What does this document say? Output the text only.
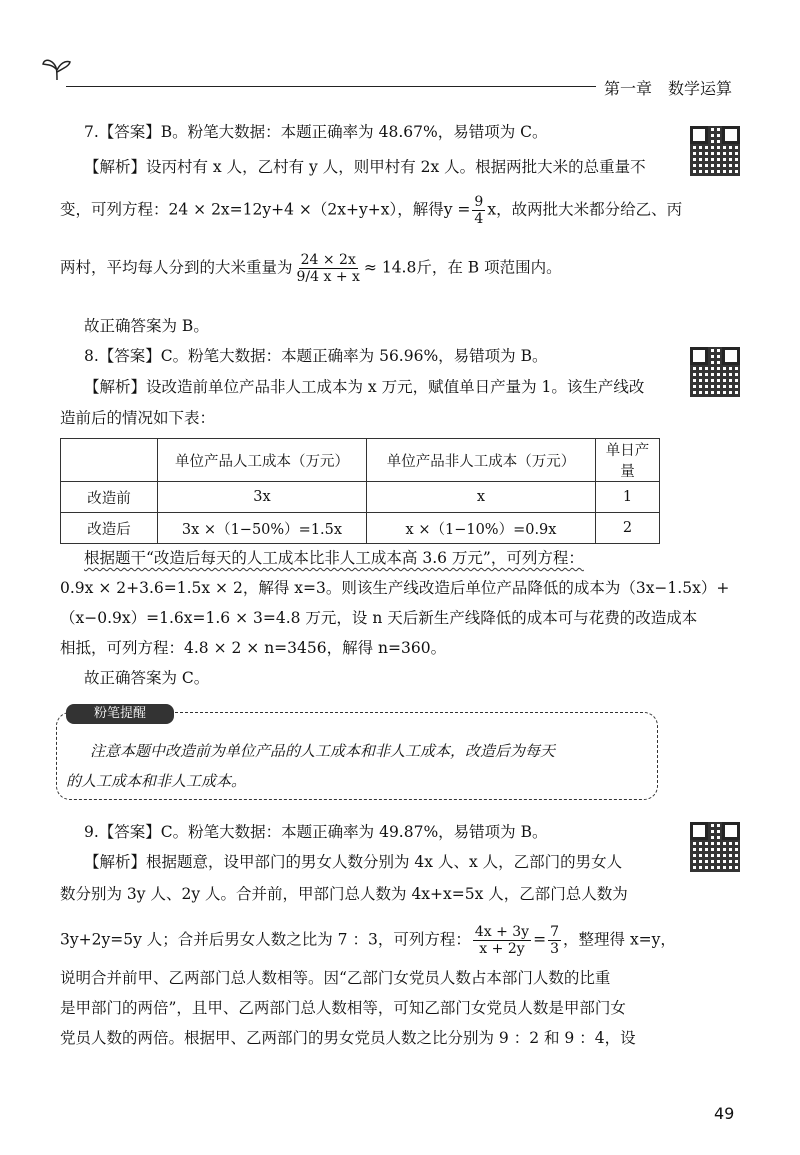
第一章　数学运算
7.【答案】B。粉笔大数据：本题正确率为 48.67%，易错项为 C。
【解析】设丙村有 x 人，乙村有 y 人，则甲村有 2x 人。根据两批大米的总重量不
变，可列方程：24 × 2x=12y+4 ×（2x+y+x），解得$y = \frac{9}{4}$ x，故两批大米都分给乙、丙
两村，平均每人分到的大米重量为 $\frac{24 \times 2x}{9/4 x + x} \approx 14.8$斤，在 B 项范围内。
故正确答案为 B。
8.【答案】C。粉笔大数据：本题正确率为 56.96%，易错项为 B。
【解析】设改造前单位产品非人工成本为 x 万元，赋值单日产量为 1。该生产线改
造前后的情况如下表：
	单位产品人工成本（万元）	单位产品非人工成本（万元）	单日产量
改造前	3x	x	1
改造后	3x ×（1−50%）=1.5x	x ×（1−10%）=0.9x	2
根据题干“改造后每天的人工成本比非人工成本高 3.6 万元”，可列方程：
0.9x × 2+3.6=1.5x × 2，解得 x=3。则该生产线改造后单位产品降低的成本为（3x−1.5x）+
（x−0.9x）=1.6x=1.6 × 3=4.8 万元，设 n 天后新生产线降低的成本可与花费的改造成本
相抵，可列方程：4.8 × 2 × n=3456，解得 n=360。
故正确答案为 C。
粉笔提醒
注意本题中改造前为单位产品的人工成本和非人工成本，改造后为每天
的人工成本和非人工成本。
9.【答案】C。粉笔大数据：本题正确率为 49.87%，易错项为 B。
【解析】根据题意，设甲部门的男女人数分别为 4x 人、x 人，乙部门的男女人
数分别为 3y 人、2y 人。合并前，甲部门总人数为 4x+x=5x 人，乙部门总人数为
3y+2y=5y 人；合并后男女人数之比为 7 ：3，可列方程： $\frac{4x + 3y}{x + 2y} = \frac{7}{3}$ ，整理得 x=y，
说明合并前甲、乙两部门总人数相等。因“乙部门女党员人数占本部门人数的比重
是甲部门的两倍”，且甲、乙两部门总人数相等，可知乙部门女党员人数是甲部门女
党员人数的两倍。根据甲、乙两部门的男女党员人数之比分别为 9 ：2 和 9 ：4，设
49
